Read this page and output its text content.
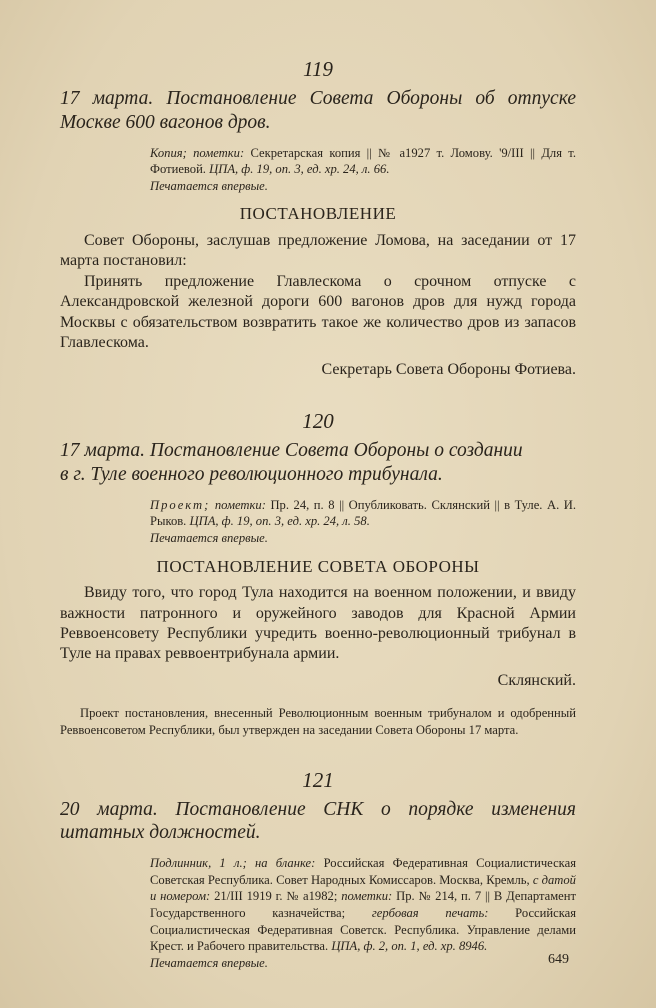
119
17 марта. Постановление Совета Обороны об отпуске Москве 600 вагонов дров.
Копия; пометки: Секретарская копия || № а1927 т. Ломову. '9/III || Для т. Фотиевой. ЦПА, ф. 19, оп. 3, ед. хр. 24, л. 66.
Печатается впервые.
ПОСТАНОВЛЕНИЕ

Совет Обороны, заслушав предложение Ломова, на заседании от 17 марта постановил:

Принять предложение Главлескома о срочном отпуске с Александровской железной дороги 600 вагонов дров для нужд города Москвы с обязательством возвратить такое же количество дров из запасов Главлескома.

Секретарь Совета Обороны Фотиева.
120
17 марта. Постановление Совета Обороны о создании
в г. Туле военного революционного трибунала.
Проект; пометки: Пр. 24, п. 8 || Опубликовать. Склянский || в Туле. А. И. Рыков. ЦПА, ф. 19, оп. 3, ед. хр. 24, л. 58.
Печатается впервые.
ПОСТАНОВЛЕНИЕ СОВЕТА ОБОРОНЫ

Ввиду того, что город Тула находится на военном положении, и ввиду важности патронного и оружейного заводов для Красной Армии Реввоенсовету Республики учредить военно-революционный трибунал в Туле на правах реввоентрибунала армии.

Склянский.

Проект постановления, внесенный Революционным военным трибуналом и одобренный Реввоенсоветом Республики, был утвержден на заседании Совета Обороны 17 марта.

121
20 марта. Постановление СНК о порядке изменения штатных должностей.
Подлинник, 1 л.; на бланке: Российская Федеративная Социалистическая Советская Республика. Совет Народных Комиссаров. Москва, Кремль, с датой и номером: 21/III 1919 г. № а1982; пометки: Пр. № 214, п. 7 || В Департамент Государственного казначейства; гербовая печать: Российская Социалистическая Федеративная Советск. Республика. Управление делами Крест. и Рабочего правительства. ЦПА, ф. 2, оп. 1, ед. хр. 8946.
Печатается впервые.	649
